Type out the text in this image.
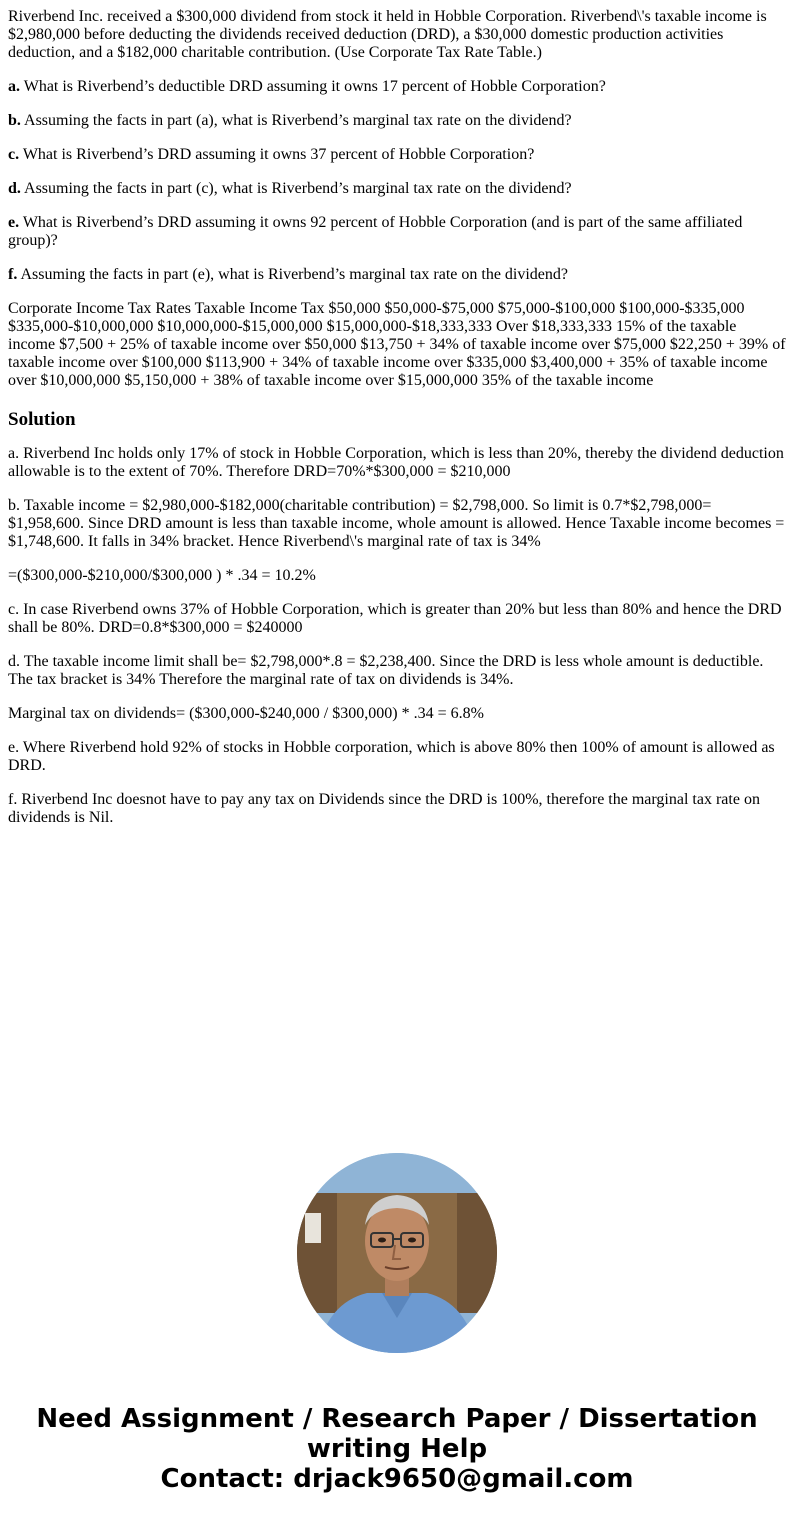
Riverbend Inc. received a $300,000 dividend from stock it held in Hobble Corporation. Riverbend\'s taxable income is $2,980,000 before deducting the dividends received deduction (DRD), a $30,000 domestic production activities deduction, and a $182,000 charitable contribution. (Use Corporate Tax Rate Table.)

a. What is Riverbend’s deductible DRD assuming it owns 17 percent of Hobble Corporation?

b. Assuming the facts in part (a), what is Riverbend’s marginal tax rate on the dividend?

c. What is Riverbend’s DRD assuming it owns 37 percent of Hobble Corporation?

d. Assuming the facts in part (c), what is Riverbend’s marginal tax rate on the dividend?

e. What is Riverbend’s DRD assuming it owns 92 percent of Hobble Corporation (and is part of the same affiliated group)?

f. Assuming the facts in part (e), what is Riverbend’s marginal tax rate on the dividend?

Corporate Income Tax Rates Taxable Income Tax $50,000 $50,000-$75,000 $75,000-$100,000 $100,000-$335,000 $335,000-$10,000,000 $10,000,000-$15,000,000 $15,000,000-$18,333,333 Over $18,333,333 15% of the taxable income $7,500 + 25% of taxable income over $50,000 $13,750 + 34% of taxable income over $75,000 $22,250 + 39% of taxable income over $100,000 $113,900 + 34% of taxable income over $335,000 $3,400,000 + 35% of taxable income over $10,000,000 $5,150,000 + 38% of taxable income over $15,000,000 35% of the taxable income

Solution

a. Riverbend Inc holds only 17% of stock in Hobble Corporation, which is less than 20%, thereby the dividend deduction allowable is to the extent of 70%. Therefore DRD=70%*$300,000 = $210,000

b. Taxable income = $2,980,000-$182,000(charitable contribution) = $2,798,000. So limit is 0.7*$2,798,000= $1,958,600. Since DRD amount is less than taxable income, whole amount is allowed. Hence Taxable income becomes = $1,748,600. It falls in 34% bracket. Hence Riverbend\'s marginal rate of tax is 34%

=($300,000-$210,000/$300,000 ) * .34 = 10.2%

c. In case Riverbend owns 37% of Hobble Corporation, which is greater than 20% but less than 80% and hence the DRD shall be 80%. DRD=0.8*$300,000 = $240000

d. The taxable income limit shall be= $2,798,000*.8 = $2,238,400. Since the DRD is less whole amount is deductible. The tax bracket is 34% Therefore the marginal rate of tax on dividends is 34%.

Marginal tax on dividends= ($300,000-$240,000 / $300,000) * .34 = 6.8%

e. Where Riverbend hold 92% of stocks in Hobble corporation, which is above 80% then 100% of amount is allowed as DRD.

f. Riverbend Inc doesnot have to pay any tax on Dividends since the DRD is 100%, therefore the marginal tax rate on dividends is Nil.

Need Assignment / Research Paper / Dissertation
writing Help
Contact: drjack9650@gmail.com
